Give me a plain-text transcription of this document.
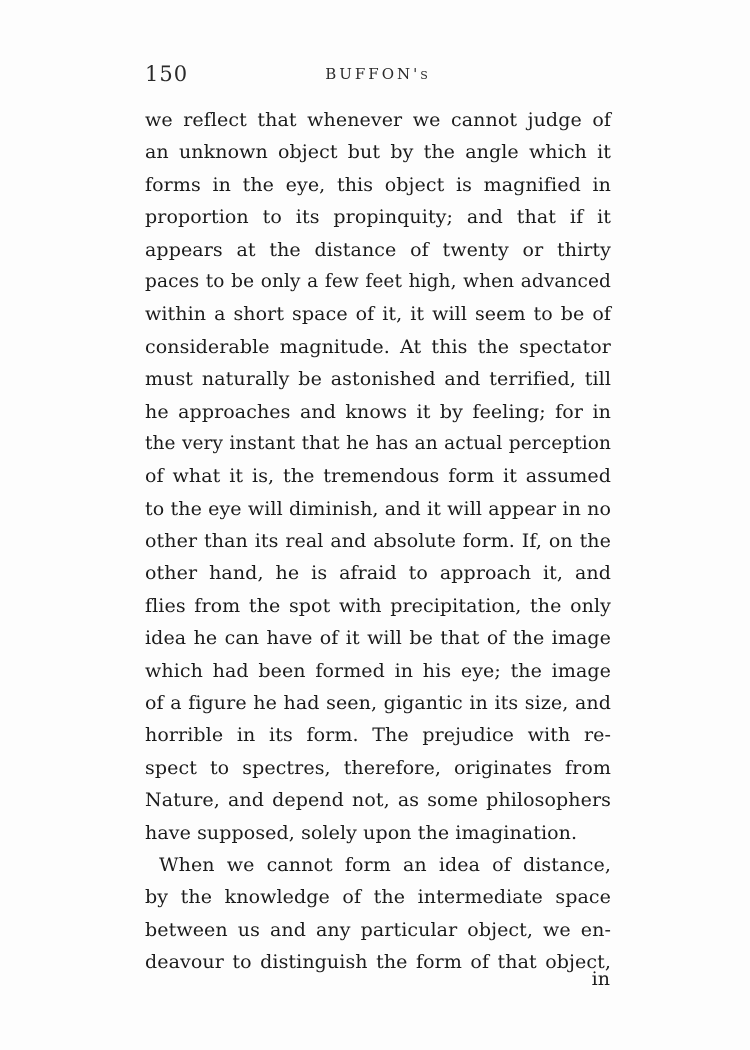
150	BUFFON's
we reflect that whenever we cannot judge of
an unknown object but by the angle which it
forms in the eye, this object is magnified in
proportion to its propinquity; and that if it
appears at the distance of twenty or thirty
paces to be only a few feet high, when advanced
within a short space of it, it will seem to be of
considerable magnitude. At this the spectator
must naturally be astonished and terrified, till
he approaches and knows it by feeling; for in
the very instant that he has an actual perception
of what it is, the tremendous form it assumed
to the eye will diminish, and it will appear in no
other than its real and absolute form. If, on the
other hand, he is afraid to approach it, and
flies from the spot with precipitation, the only
idea he can have of it will be that of the image
which had been formed in his eye; the image
of a figure he had seen, gigantic in its size, and
horrible in its form. The prejudice with re-
spect to spectres, therefore, originates from
Nature, and depend not, as some philosophers
have supposed, solely upon the imagination.
When we cannot form an idea of distance,
by the knowledge of the intermediate space
between us and any particular object, we en-
deavour to distinguish the form of that object,
in
